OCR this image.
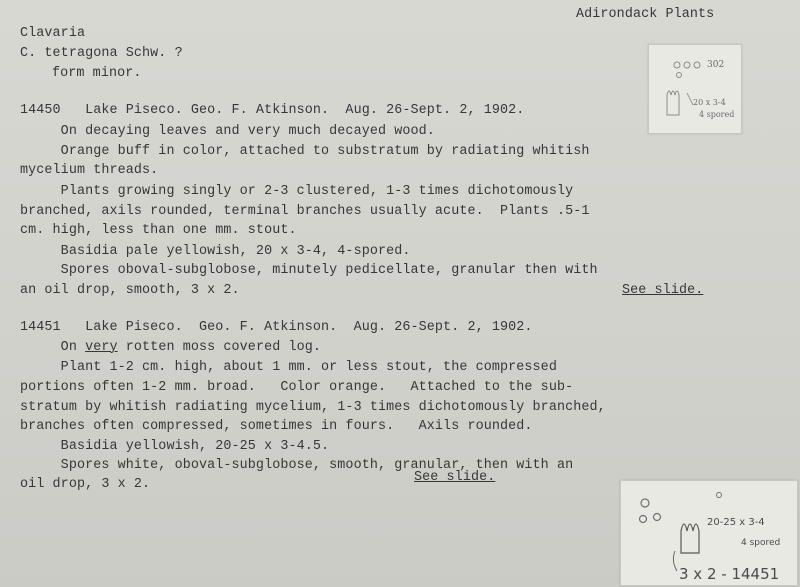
Adirondack Plants
Clavaria
C. tetragona Schw. ?
form minor.
14450   Lake Piseco. Geo. F. Atkinson.  Aug. 26-Sept. 2, 1902.
On decaying leaves and very much decayed wood.
Orange buff in color, attached to substratum by radiating whitish
mycelium threads.
Plants growing singly or 2-3 clustered, 1-3 times dichotomously
branched, axils rounded, terminal branches usually acute.  Plants .5-1
cm. high, less than one mm. stout.
Basidia pale yellowish, 20 x 3-4, 4-spored.
Spores oboval-subglobose, minutely pedicellate, granular then with
an oil drop, smooth, 3 x 2.	See slide.
14451   Lake Piseco.  Geo. F. Atkinson.  Aug. 26-Sept. 2, 1902.
On very rotten moss covered log.
Plant 1-2 cm. high, about 1 mm. or less stout, the compressed
portions often 1-2 mm. broad.   Color orange.   Attached to the sub-
stratum by whitish radiating mycelium, 1-3 times dichotomously branched,
branches often compressed, sometimes in fours.   Axils rounded.
Basidia yellowish, 20-25 x 3-4.5.
Spores white, oboval-subglobose, smooth, granular, then with an
oil drop, 3 x 2.	See slide.
302
20 x 3-4
4 spored
20-25 x 3-4
4 spored
3 x 2 - 14451
